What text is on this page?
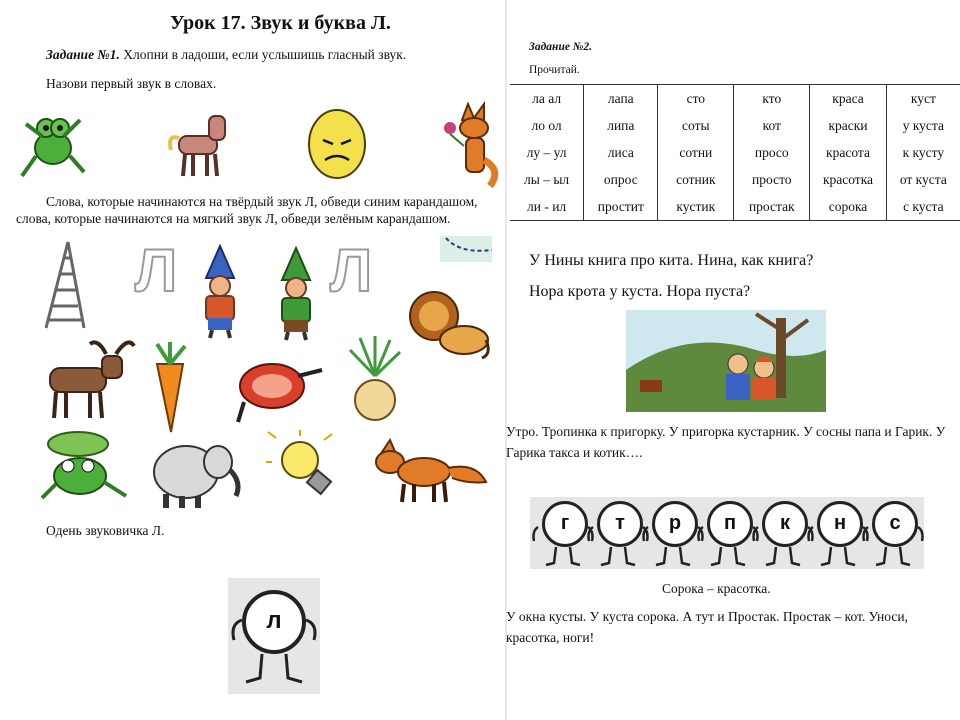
Урок 17. Звук и буква Л.
Задание №1. Хлопни в ладоши, если услышишь гласный звук.
Назови первый звук в словах.
Слова, которые начинаются на твёрдый звук Л, обведи синим карандашом,
слова, которые начинаются на мягкий звук Л, обведи зелёным карандашом.
Л	Л
Одень звуковичка Л.
л
Задание №2.
Прочитай.
ла ал	лапа	сто	кто	краса	куст
ло ол	липа	соты	кот	краски	у куста
лу – ул	лиса	сотни	просо	красота	к кусту
лы – ыл	опрос	сотник	просто	красотка	от куста
ли - ил	простит	кустик	простак	сорока	с куста
У Нины книга про кита. Нина, как книга?
Нора крота у куста. Нора пуста?
Утро. Тропинка к пригорку. У пригорка кустарник. У сосны папа и Гарик. У Гарика такса и котик….
г	т	р	п	к	н	с
Сорока – красотка.
У окна кусты. У куста сорока. А тут и Простак. Простак – кот. Уноси, красотка, ноги!
